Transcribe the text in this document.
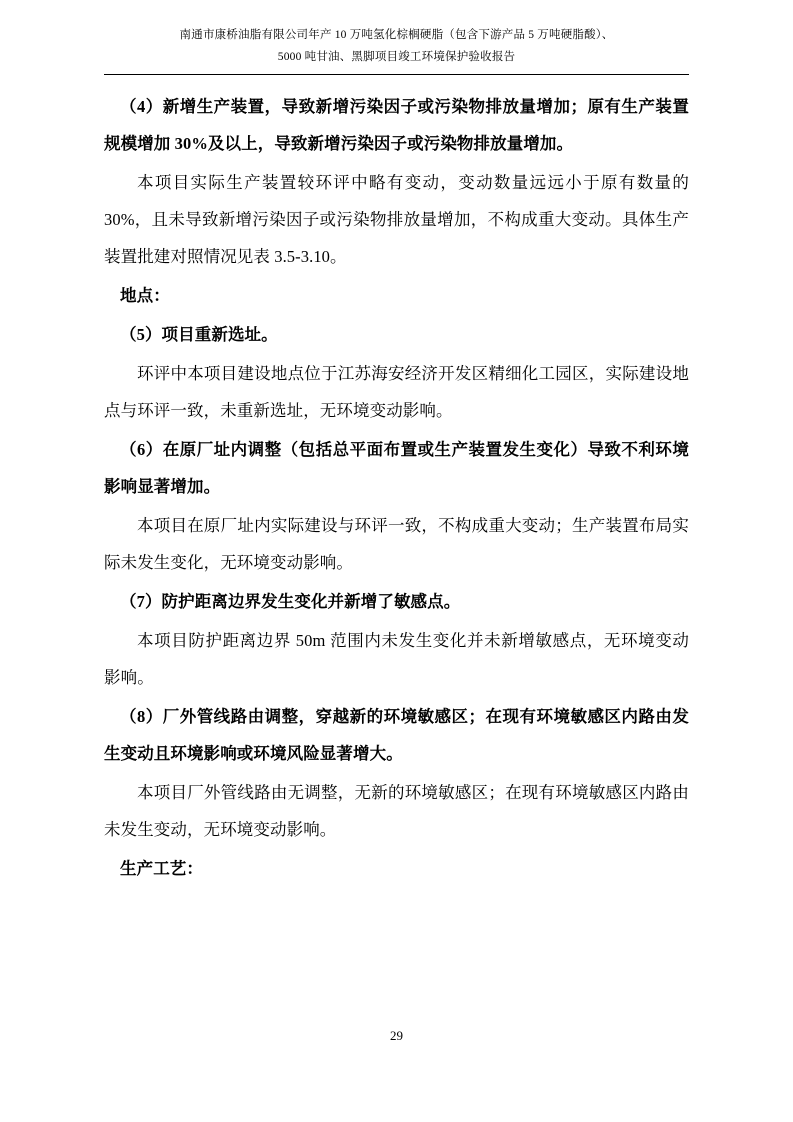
南通市康桥油脂有限公司年产 10 万吨氢化棕榈硬脂（包含下游产品 5 万吨硬脂酸）、
5000 吨甘油、黑脚项目竣工环境保护验收报告

（4）新增生产装置，导致新增污染因子或污染物排放量增加；原有生产装置规模增加 30%及以上，导致新增污染因子或污染物排放量增加。

本项目实际生产装置较环评中略有变动，变动数量远远小于原有数量的 30%，且未导致新增污染因子或污染物排放量增加，不构成重大变动。具体生产装置批建对照情况见表 3.5-3.10。

地点：

（5）项目重新选址。

环评中本项目建设地点位于江苏海安经济开发区精细化工园区，实际建设地点与环评一致，未重新选址，无环境变动影响。

（6）在原厂址内调整（包括总平面布置或生产装置发生变化）导致不利环境影响显著增加。

本项目在原厂址内实际建设与环评一致，不构成重大变动；生产装置布局实际未发生变化，无环境变动影响。

（7）防护距离边界发生变化并新增了敏感点。

本项目防护距离边界 50m 范围内未发生变化并未新增敏感点，无环境变动影响。

（8）厂外管线路由调整，穿越新的环境敏感区；在现有环境敏感区内路由发生变动且环境影响或环境风险显著增大。

本项目厂外管线路由无调整，无新的环境敏感区；在现有环境敏感区内路由未发生变动，无环境变动影响。

生产工艺：

29
